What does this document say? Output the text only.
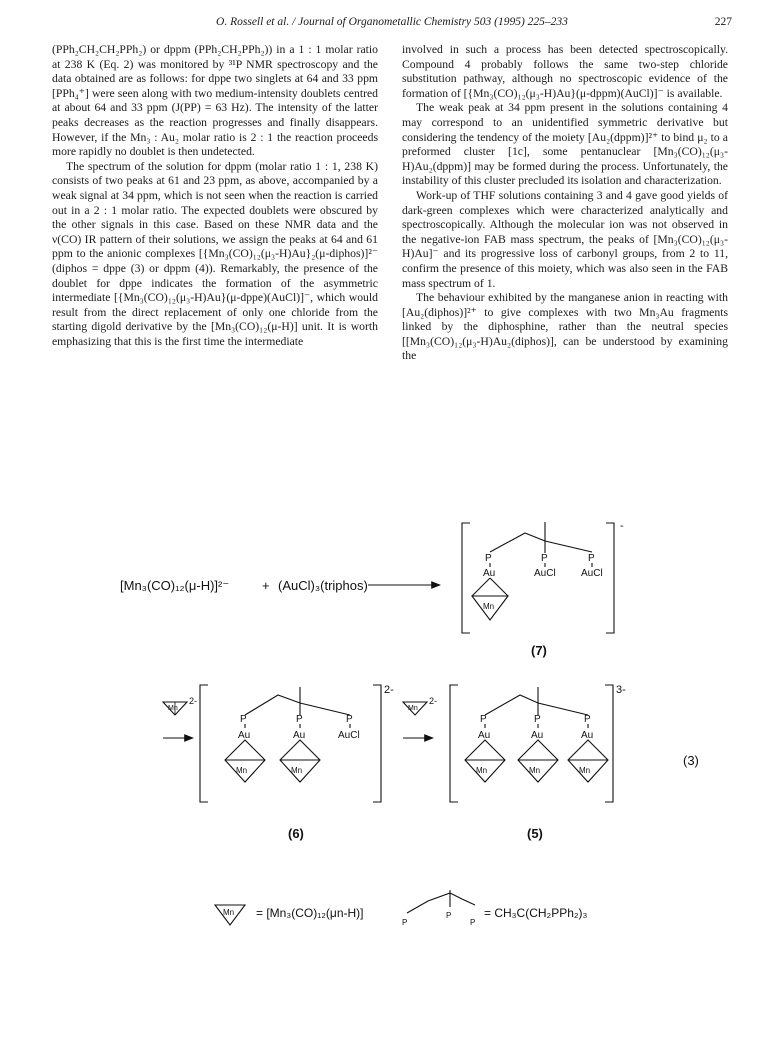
O. Rossell et al. / Journal of Organometallic Chemistry 503 (1995) 225–233	227

(PPh₂CH₂CH₂PPh₂) or dppm (PPh₂CH₂PPh₂)) in a 1 : 1 molar ratio at 238 K (Eq. 2) was monitored by ³¹P NMR spectroscopy and the data obtained are as follows: for dppe two singlets at 64 and 33 ppm [PPh₄⁺] were seen along with two medium-intensity doublets centred at about 64 and 33 ppm (J(PP) = 63 Hz). The intensity of the latter peaks decreases as the reaction progresses and finally disappears. However, if the Mn₃ : Au₂ molar ratio is 2 : 1 the reaction proceeds more rapidly no doublet is then undetected.

The spectrum of the solution for dppm (molar ratio 1 : 1, 238 K) consists of two peaks at 61 and 23 ppm, as above, accompanied by a weak signal at 34 ppm, which is not seen when the reaction is carried out in a 2 : 1 molar ratio. The expected doublets were obscured by the other signals in this case. Based on these NMR data and the ν(CO) IR pattern of their solutions, we assign the peaks at 64 and 61 ppm to the anionic complexes [{Mn₃(CO)₁₂(μ₃-H)Au}₂(μ-diphos)]²⁻ (diphos = dppe (3) or dppm (4)). Remarkably, the presence of the doublet for dppe indicates the formation of the asymmetric intermediate [{Mn₃(CO)₁₂(μ₃-H)Au}(μ-dppe)(AuCl)]⁻, which would result from the direct replacement of only one chloride from the starting digold derivative by the [Mn₃(CO)₁₂(μ-H)] unit. It is worth emphasizing that this is the first time the intermediate

involved in such a process has been detected spectroscopically. Compound 4 probably follows the same two-step chloride substitution pathway, although no spectroscopic evidence of the formation of [{Mn₃(CO)₁₂(μ₃-H)Au}(μ-dppm)(AuCl)]⁻ is available.

The weak peak at 34 ppm present in the solutions containing 4 may correspond to an unidentified symmetric derivative but considering the tendency of the moiety [Au₂(dppm)]²⁺ to bind μ₂ to a preformed cluster [1c], some pentanuclear [Mn₃(CO)₁₂(μ₃-H)Au₂(dppm)] may be formed during the process. Unfortunately, the instability of this cluster precluded its isolation and characterization.

Work-up of THF solutions containing 3 and 4 gave good yields of dark-green complexes which were characterized analytically and spectroscopically. Although the molecular ion was not observed in the negative-ion FAB mass spectrum, the peaks of [Mn₃(CO)₁₂(μ₃-H)Au]⁻ and its progressive loss of carbonyl groups, from 2 to 11, confirm the presence of this moiety, which was also seen in the FAB mass spectrum of 1.

The behaviour exhibited by the manganese anion in reacting with [Au₂(diphos)]²⁺ to give complexes with two Mn₃Au fragments linked by the diphosphine, rather than the neutral species [[Mn₃(CO)₁₂(μ₃-H)Au₂(diphos)], can be understood by examining the

[Mn₃(CO)₁₂(μ-H)]²⁻	+ (AuCl)₃(triphos)
-
P	P	P
Au	AuCl	AuCl
Mn
(7)
2-
Mn
2-
P	P	P
Au	Au	AuCl
Mn	Mn
(6)
2-
Mn
3-
P	P	P
Au	Au	Au
Mn	Mn	Mn
(5)
(3)
Mn = [Mn₃(CO)₁₂(μn-H)]
P
P
P
= CH₃C(CH₂PPh₂)₃
